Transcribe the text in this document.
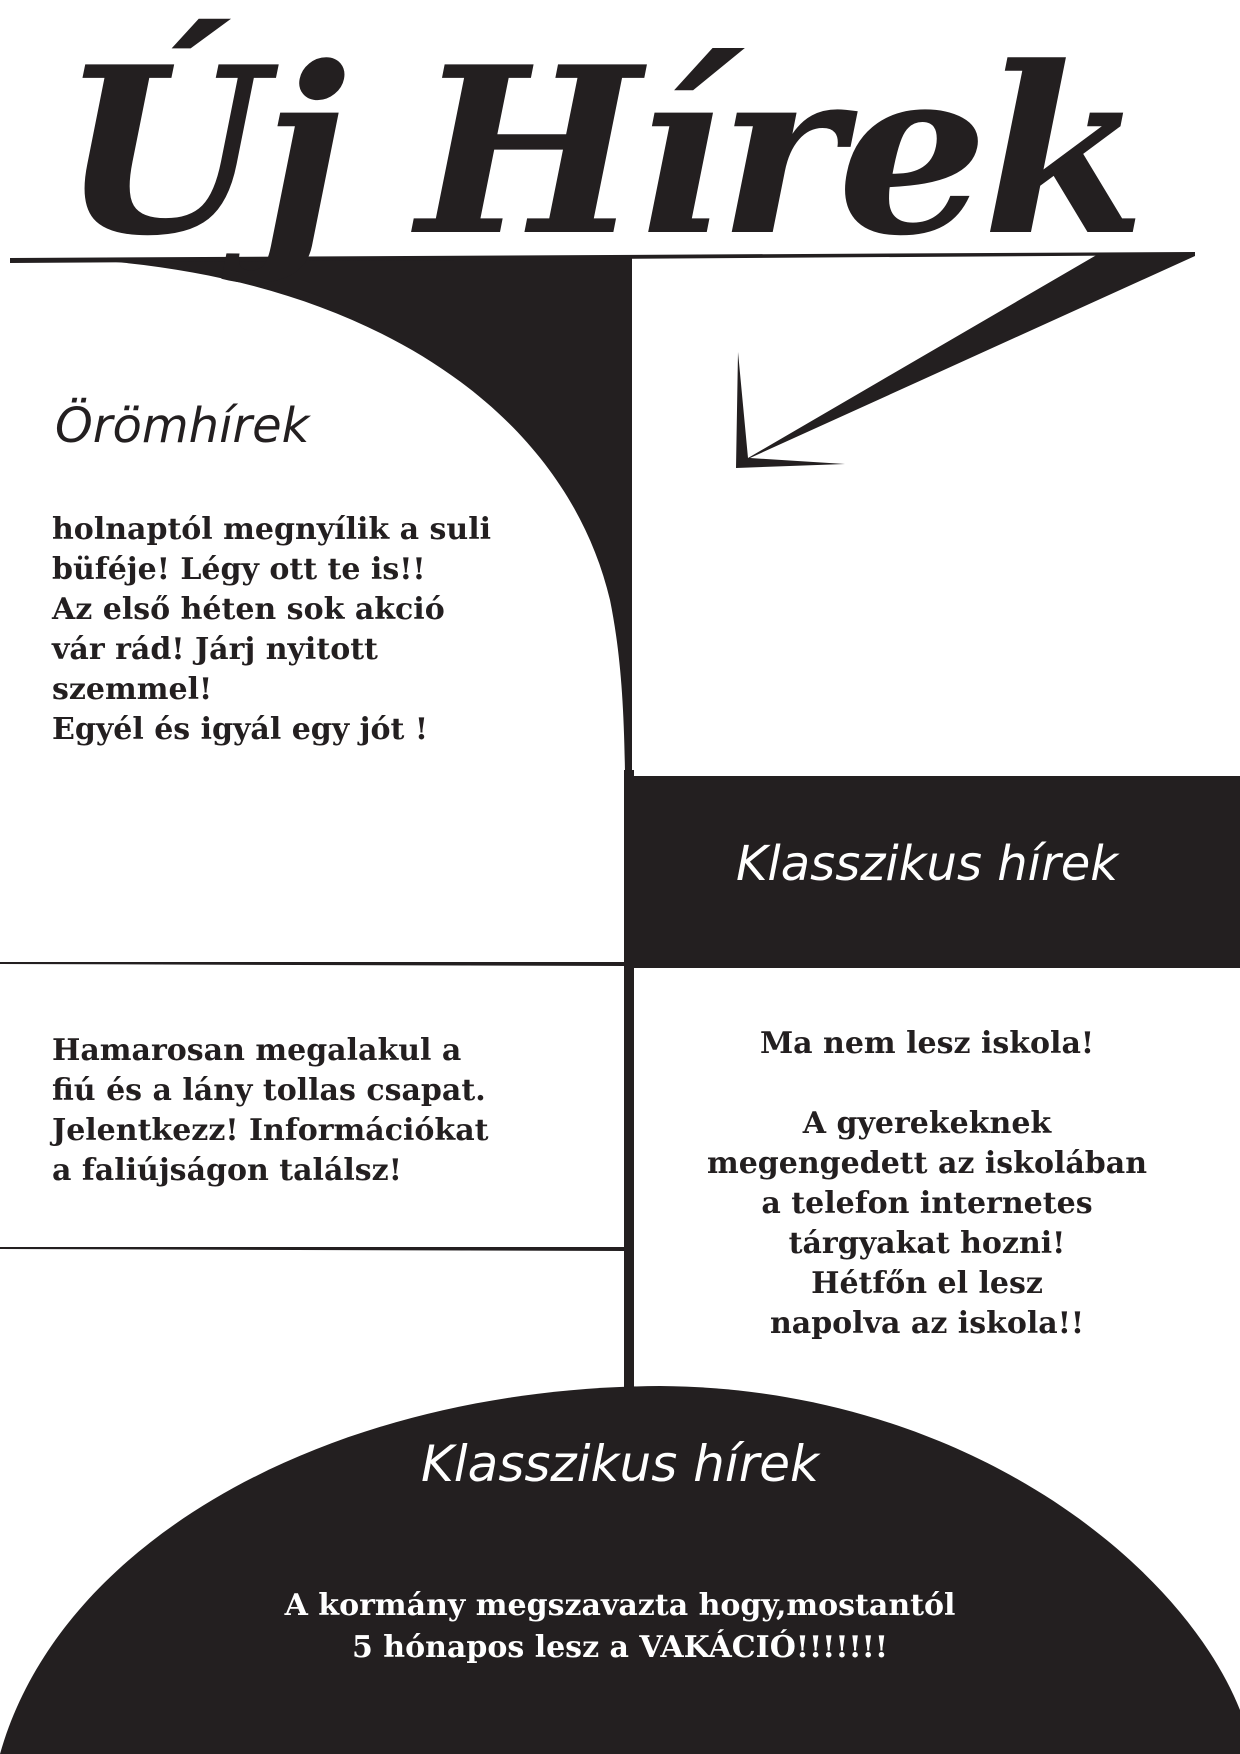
Új Hírek
Örömhírek
holnaptól megnyílik a suli
büféje! Légy ott te is!!
Az első héten sok akció
vár rád! Járj nyitott
szemmel!
Egyél és igyál egy jót !
Klasszikus hírek
Hamarosan megalakul a
fiú és a lány tollas csapat.
Jelentkezz! Információkat
a faliújságon találsz!
Ma nem lesz iskola!

A gyerekeknek
megengedett az iskolában
a telefon internetes
tárgyakat hozni!
Hétfőn el lesz
napolva az iskola!!
Klasszikus hírek
A kormány megszavazta hogy,mostantól
5 hónapos lesz a VAKÁCIÓ!!!!!!!
